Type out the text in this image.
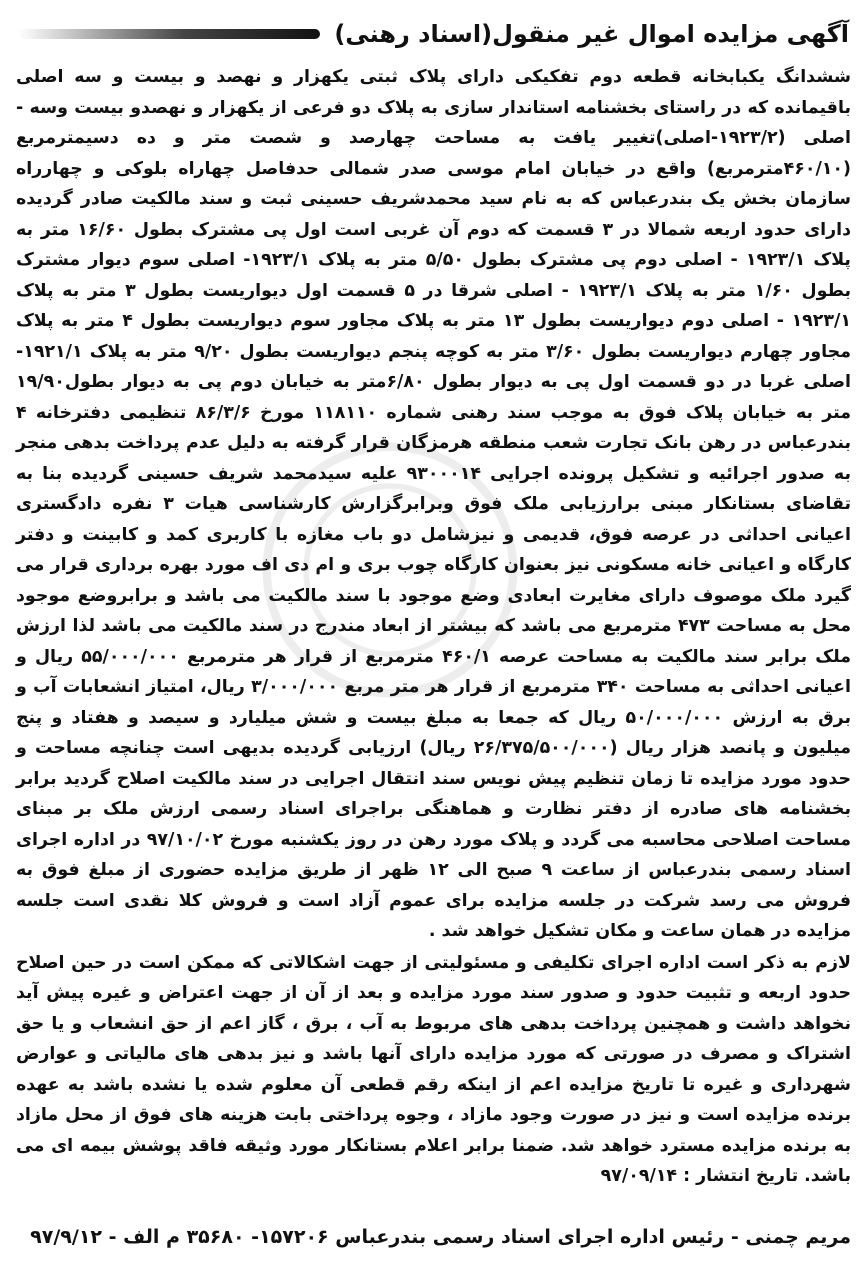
آگهی مزایده اموال غیر منقول(اسناد رهنی)

ششدانگ یکبابخانه قطعه دوم تفکیکی دارای پلاک ثبتی یکهزار و نهصد و بیست و سه اصلی باقیمانده که در راستای بخشنامه استاندار سازی به پلاک دو فرعی از یکهزار و نهصدو بیست وسه - اصلی (۱۹۲۳/۲-اصلی)تغییر یافت به مساحت چهارصد و شصت متر و ده دسیمترمربع (۴۶۰/۱۰مترمربع) واقع در خیابان امام موسی صدر شمالی حدفاصل چهاراه بلوکی و چهارراه سازمان بخش یک بندرعباس که به نام سید محمدشریف حسینی ثبت و سند مالکیت صادر گردیده دارای حدود اربعه شمالا در ۳ قسمت که دوم آن غربی است اول پی مشترک بطول ۱۶/۶۰ متر به پلاک ۱۹۲۳/۱ - اصلی دوم پی مشترک بطول ۵/۵۰ متر به پلاک ۱۹۲۳/۱- اصلی سوم دیوار مشترک بطول ۱/۶۰ متر به پلاک ۱۹۲۳/۱ - اصلی شرقا در ۵ قسمت اول دیواریست بطول ۳ متر به پلاک ۱۹۲۳/۱ - اصلی دوم دیواریست بطول ۱۳ متر به پلاک مجاور سوم دیواریست بطول ۴ متر به پلاک مجاور چهارم دیواریست بطول ۳/۶۰ متر به کوچه پنجم دیواریست بطول ۹/۲۰ متر به پلاک ۱۹۲۱/۱-اصلی غربا در دو قسمت اول پی به دیوار بطول ۶/۸۰متر به خیابان دوم پی به دیوار بطول۱۹/۹۰ متر به خیابان پلاک فوق به موجب سند رهنی شماره ۱۱۸۱۱۰ مورخ ۸۶/۳/۶ تنظیمی دفترخانه ۴ بندرعباس در رهن بانک تجارت شعب منطقه هرمزگان قرار گرفته به دلیل عدم پرداخت بدهی منجر به صدور اجرائیه و تشکیل پرونده اجرایی ۹۳۰۰۰۱۴ علیه سیدمحمد شریف حسینی گردیده بنا به تقاضای بستانکار مبنی برارزیابی ملک فوق وبرابرگزارش کارشناسی هیات ۳ نفره دادگستری اعیانی احداثی در عرصه فوق، قدیمی و نیزشامل دو باب مغازه با کاربری کمد و کابینت و دفتر کارگاه و اعیانی خانه مسکونی نیز بعنوان کارگاه چوب بری و ام دی اف مورد بهره برداری قرار می گیرد ملک موصوف دارای مغایرت ابعادی وضع موجود با سند مالکیت می باشد و برابروضع موجود محل به مساحت ۴۷۳ مترمربع می باشد که بیشتر از ابعاد مندرج در سند مالکیت می باشد لذا ارزش ملک برابر سند مالکیت به مساحت عرصه ۴۶۰/۱ مترمربع از قرار هر مترمربع ۵۵/۰۰۰/۰۰۰ ریال و اعیانی احداثی به مساحت ۳۴۰ مترمربع از قرار هر متر مربع ۳/۰۰۰/۰۰۰ ریال، امتیاز انشعابات آب و برق به ارزش ۵۰/۰۰۰/۰۰۰ ریال که جمعا به مبلغ بیست و شش میلیارد و سیصد و هفتاد و پنج میلیون و پانصد هزار ریال (۲۶/۳۷۵/۵۰۰/۰۰۰ ریال) ارزیابی گردیده بدیهی است چنانچه مساحت و حدود مورد مزایده تا زمان تنظیم پیش نویس سند انتقال اجرایی در سند مالکیت اصلاح گردید برابر بخشنامه های صادره از دفتر نظارت و هماهنگی براجرای اسناد رسمی ارزش ملک بر مبنای مساحت اصلاحی محاسبه می گردد و پلاک مورد رهن در روز یکشنبه مورخ ۹۷/۱۰/۰۲ در اداره اجرای اسناد رسمی بندرعباس از ساعت ۹ صبح الی ۱۲ ظهر از طریق مزایده حضوری از مبلغ فوق به فروش می رسد شرکت در جلسه مزایده برای عموم آزاد است و فروش کلا نقدی است جلسه مزایده در همان ساعت و مکان تشکیل خواهد شد .

لازم به ذکر است اداره اجرای تکلیفی و مسئولیتی از جهت اشکالاتی که ممکن است در حین اصلاح حدود اربعه و تثبیت حدود و صدور سند مورد مزایده و بعد از آن از جهت اعتراض و غیره پیش آید نخواهد داشت و همچنین پرداخت بدهی های مربوط به آب ، برق ، گاز اعم از حق انشعاب و یا حق اشتراک و مصرف در صورتی که مورد مزایده دارای آنها باشد و نیز بدهی های مالیاتی و عوارض شهرداری و غیره تا تاریخ مزایده اعم از اینکه رقم قطعی آن معلوم شده یا نشده باشد به عهده برنده مزایده است و نیز در صورت وجود مازاد ، وجوه پرداختی بابت هزینه های فوق از محل مازاد به برنده مزایده مسترد خواهد شد. ضمنا برابر اعلام بستانکار مورد وثیقه فاقد پوشش بیمه ای می باشد. تاریخ انتشار : ۹۷/۰۹/۱۴

مریم چمنی - رئیس اداره اجرای اسناد رسمی بندرعباس ۱۵۷۲۰۶- ۳۵۶۸۰ م الف - ۹۷/۹/۱۲
